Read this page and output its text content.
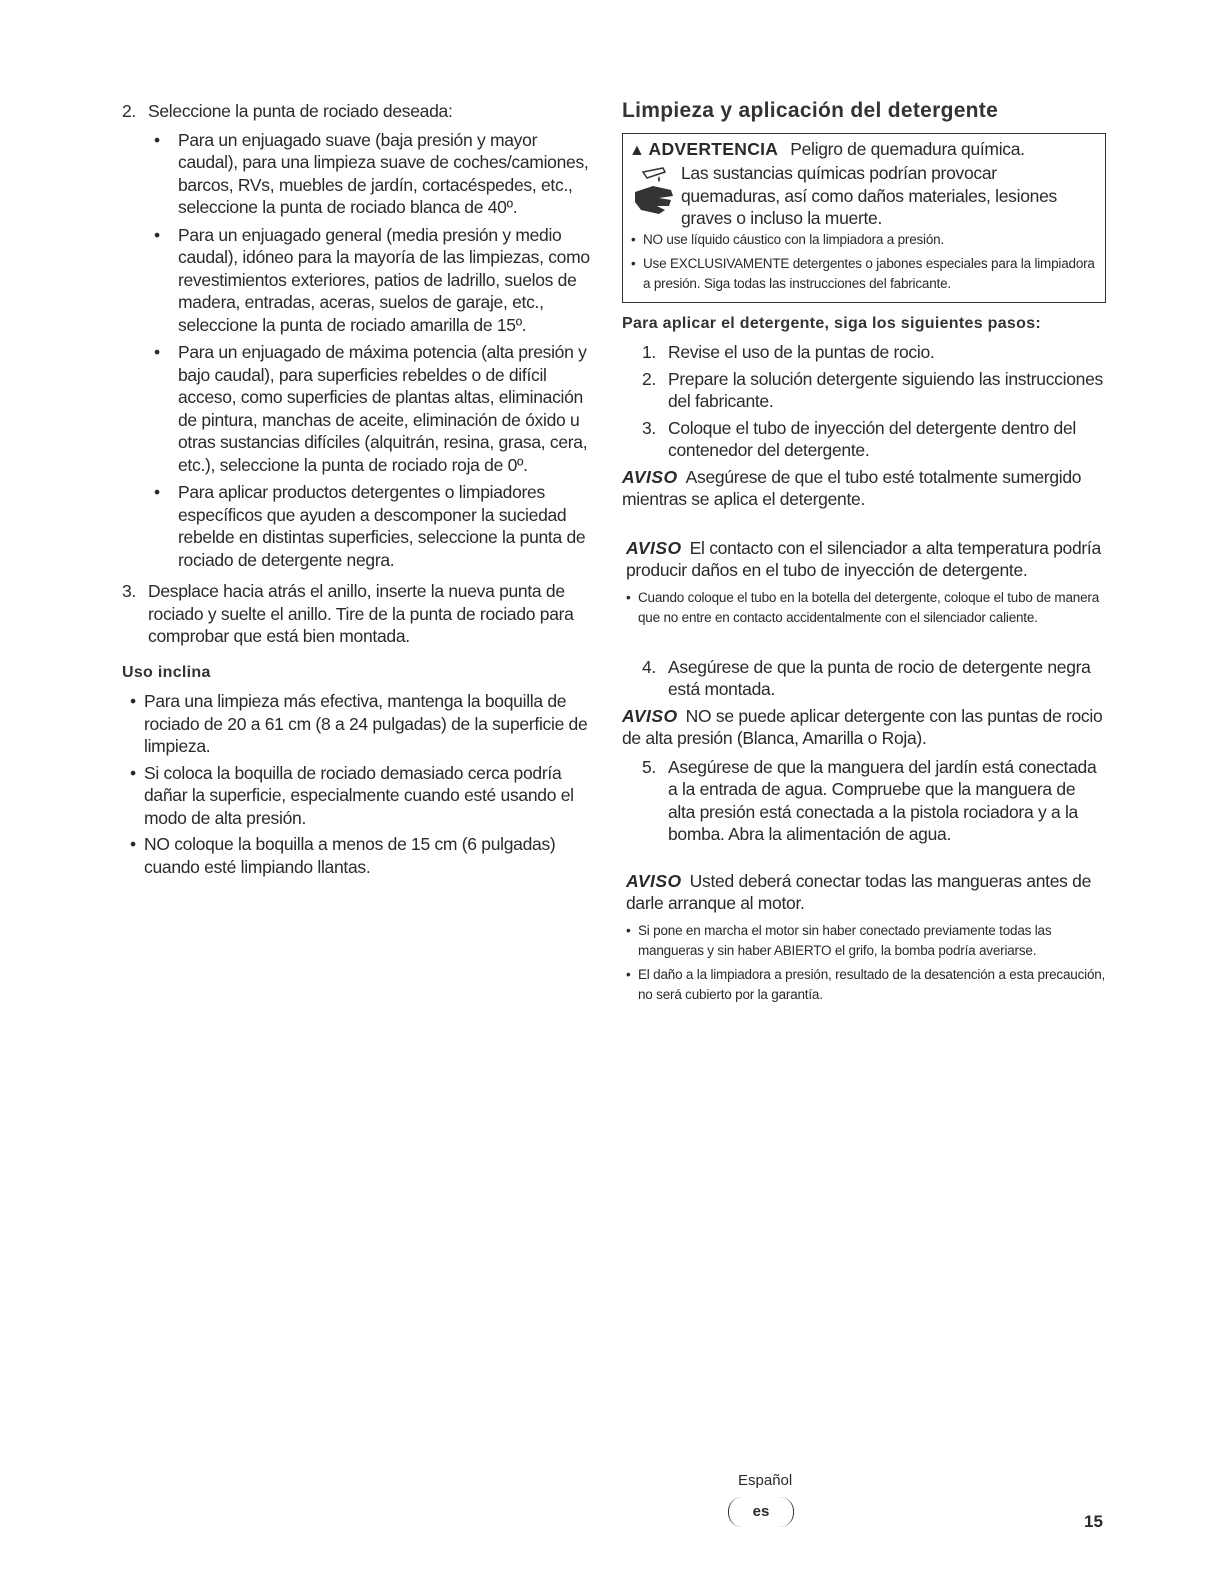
2. Seleccione la punta de rociado deseada:
•	Para un enjuagado suave (baja presión y mayor caudal), para una limpieza suave de coches/camiones, barcos, RVs, muebles de jardín, cortacéspedes, etc., seleccione la punta de rociado blanca de 40º.
•	Para un enjuagado general (media presión y medio caudal), idóneo para la mayoría de las limpiezas, como revestimientos exteriores, patios de ladrillo, suelos de madera, entradas, aceras, suelos de garaje, etc., seleccione la punta de rociado amarilla de 15º.
•	Para un enjuagado de máxima potencia (alta presión y bajo caudal), para superficies rebeldes o de difícil acceso, como superficies de plantas altas, eliminación de pintura, manchas de aceite, eliminación de óxido u otras sustancias difíciles (alquitrán, resina, grasa, cera, etc.), seleccione la punta de rociado roja de 0º.
•	Para aplicar productos detergentes o limpiadores específicos que ayuden a descomponer la suciedad rebelde en distintas superficies, seleccione la punta de rociado de detergente negra.
3. Desplace hacia atrás el anillo, inserte la nueva punta de rociado y suelte el anillo. Tire de la punta de rociado para comprobar que está bien montada.
Uso inclina
• Para una limpieza más efectiva, mantenga la boquilla de rociado de 20 a 61 cm (8 a 24 pulgadas) de la superficie de limpieza.
• Si coloca la boquilla de rociado demasiado cerca podría dañar la superficie, especialmente cuando esté usando el modo de alta presión.
• NO coloque la boquilla a menos de 15 cm (6 pulgadas) cuando esté limpiando llantas.
Limpieza y aplicación del detergente
▲ ADVERTENCIA Peligro de quemadura química.
Las sustancias químicas podrían provocar quemaduras, así como daños materiales, lesiones graves o incluso la muerte.
• NO use líquido cáustico con la limpiadora a presión.
• Use EXCLUSIVAMENTE detergentes o jabones especiales para la limpiadora a presión. Siga todas las instrucciones del fabricante.
Para aplicar el detergente, siga los siguientes pasos:
1. Revise el uso de la puntas de rocio.
2. Prepare la solución detergente siguiendo las instrucciones del fabricante.
3. Coloque el tubo de inyección del detergente dentro del contenedor del detergente.
AVISO Asegúrese de que el tubo esté totalmente sumergido mientras se aplica el detergente.
AVISO El contacto con el silenciador a alta temperatura podría producir daños en el tubo de inyección de detergente.
• Cuando coloque el tubo en la botella del detergente, coloque el tubo de manera que no entre en contacto accidentalmente con el silenciador caliente.
4. Asegúrese de que la punta de rocio de detergente negra está montada.
AVISO NO se puede aplicar detergente con las puntas de rocio de alta presión (Blanca, Amarilla o Roja).
5. Asegúrese de que la manguera del jardín está conectada a la entrada de agua. Compruebe que la manguera de alta presión está conectada a la pistola rociadora y a la bomba. Abra la alimentación de agua.
AVISO Usted deberá conectar todas las mangueras antes de darle arranque al motor.
• Si pone en marcha el motor sin haber conectado previamente todas las mangueras y sin haber ABIERTO el grifo, la bomba podría averiarse.
• El daño a la limpiadora a presión, resultado de la desatención a esta precaución, no será cubierto por la garantía.
Español
es
15
